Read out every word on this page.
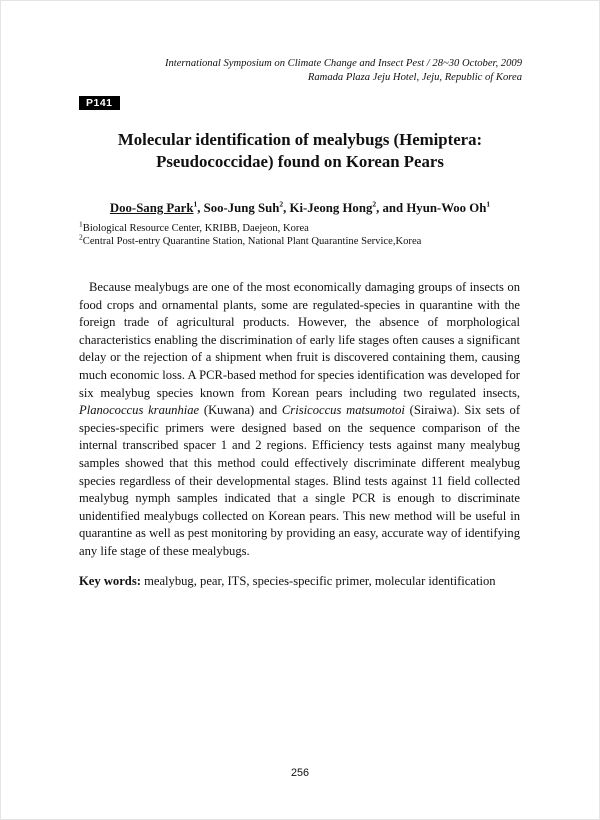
International Symposium on Climate Change and Insect Pest / 28~30 October, 2009
Ramada Plaza Jeju Hotel, Jeju, Republic of Korea
P141
Molecular identification of mealybugs (Hemiptera:
Pseudococcidae) found on Korean Pears
Doo-Sang Park$^1$, Soo-Jung Suh$^2$, Ki-Jeong Hong$^2$, and Hyun-Woo Oh$^1$
$^1$Biological Resource Center, KRIBB, Daejeon, Korea
$^2$Central Post-entry Quarantine Station, National Plant Quarantine Service,Korea

Because mealybugs are one of the most economically damaging groups of insects on food crops and ornamental plants, some are regulated-species in quarantine with the foreign trade of agricultural products. However, the absence of morphological characteristics enabling the discrimination of early life stages often causes a significant delay or the rejection of a shipment when fruit is discovered containing them, causing much economic loss. A PCR-based method for species identification was developed for six mealybug species known from Korean pears including two regulated insects, Planococcus kraunhiae (Kuwana) and Crisicoccus matsumotoi (Siraiwa). Six sets of species-specific primers were designed based on the sequence comparison of the internal transcribed spacer 1 and 2 regions. Efficiency tests against many mealybug samples showed that this method could effectively discriminate different mealybug species regardless of their developmental stages. Blind tests against 11 field collected mealybug nymph samples indicated that a single PCR is enough to discriminate unidentified mealybugs collected on Korean pears. This new method will be useful in quarantine as well as pest monitoring by providing an easy, accurate way of identifying any life stage of these mealybugs.

Key words: mealybug, pear, ITS, species-specific primer, molecular identification
256
